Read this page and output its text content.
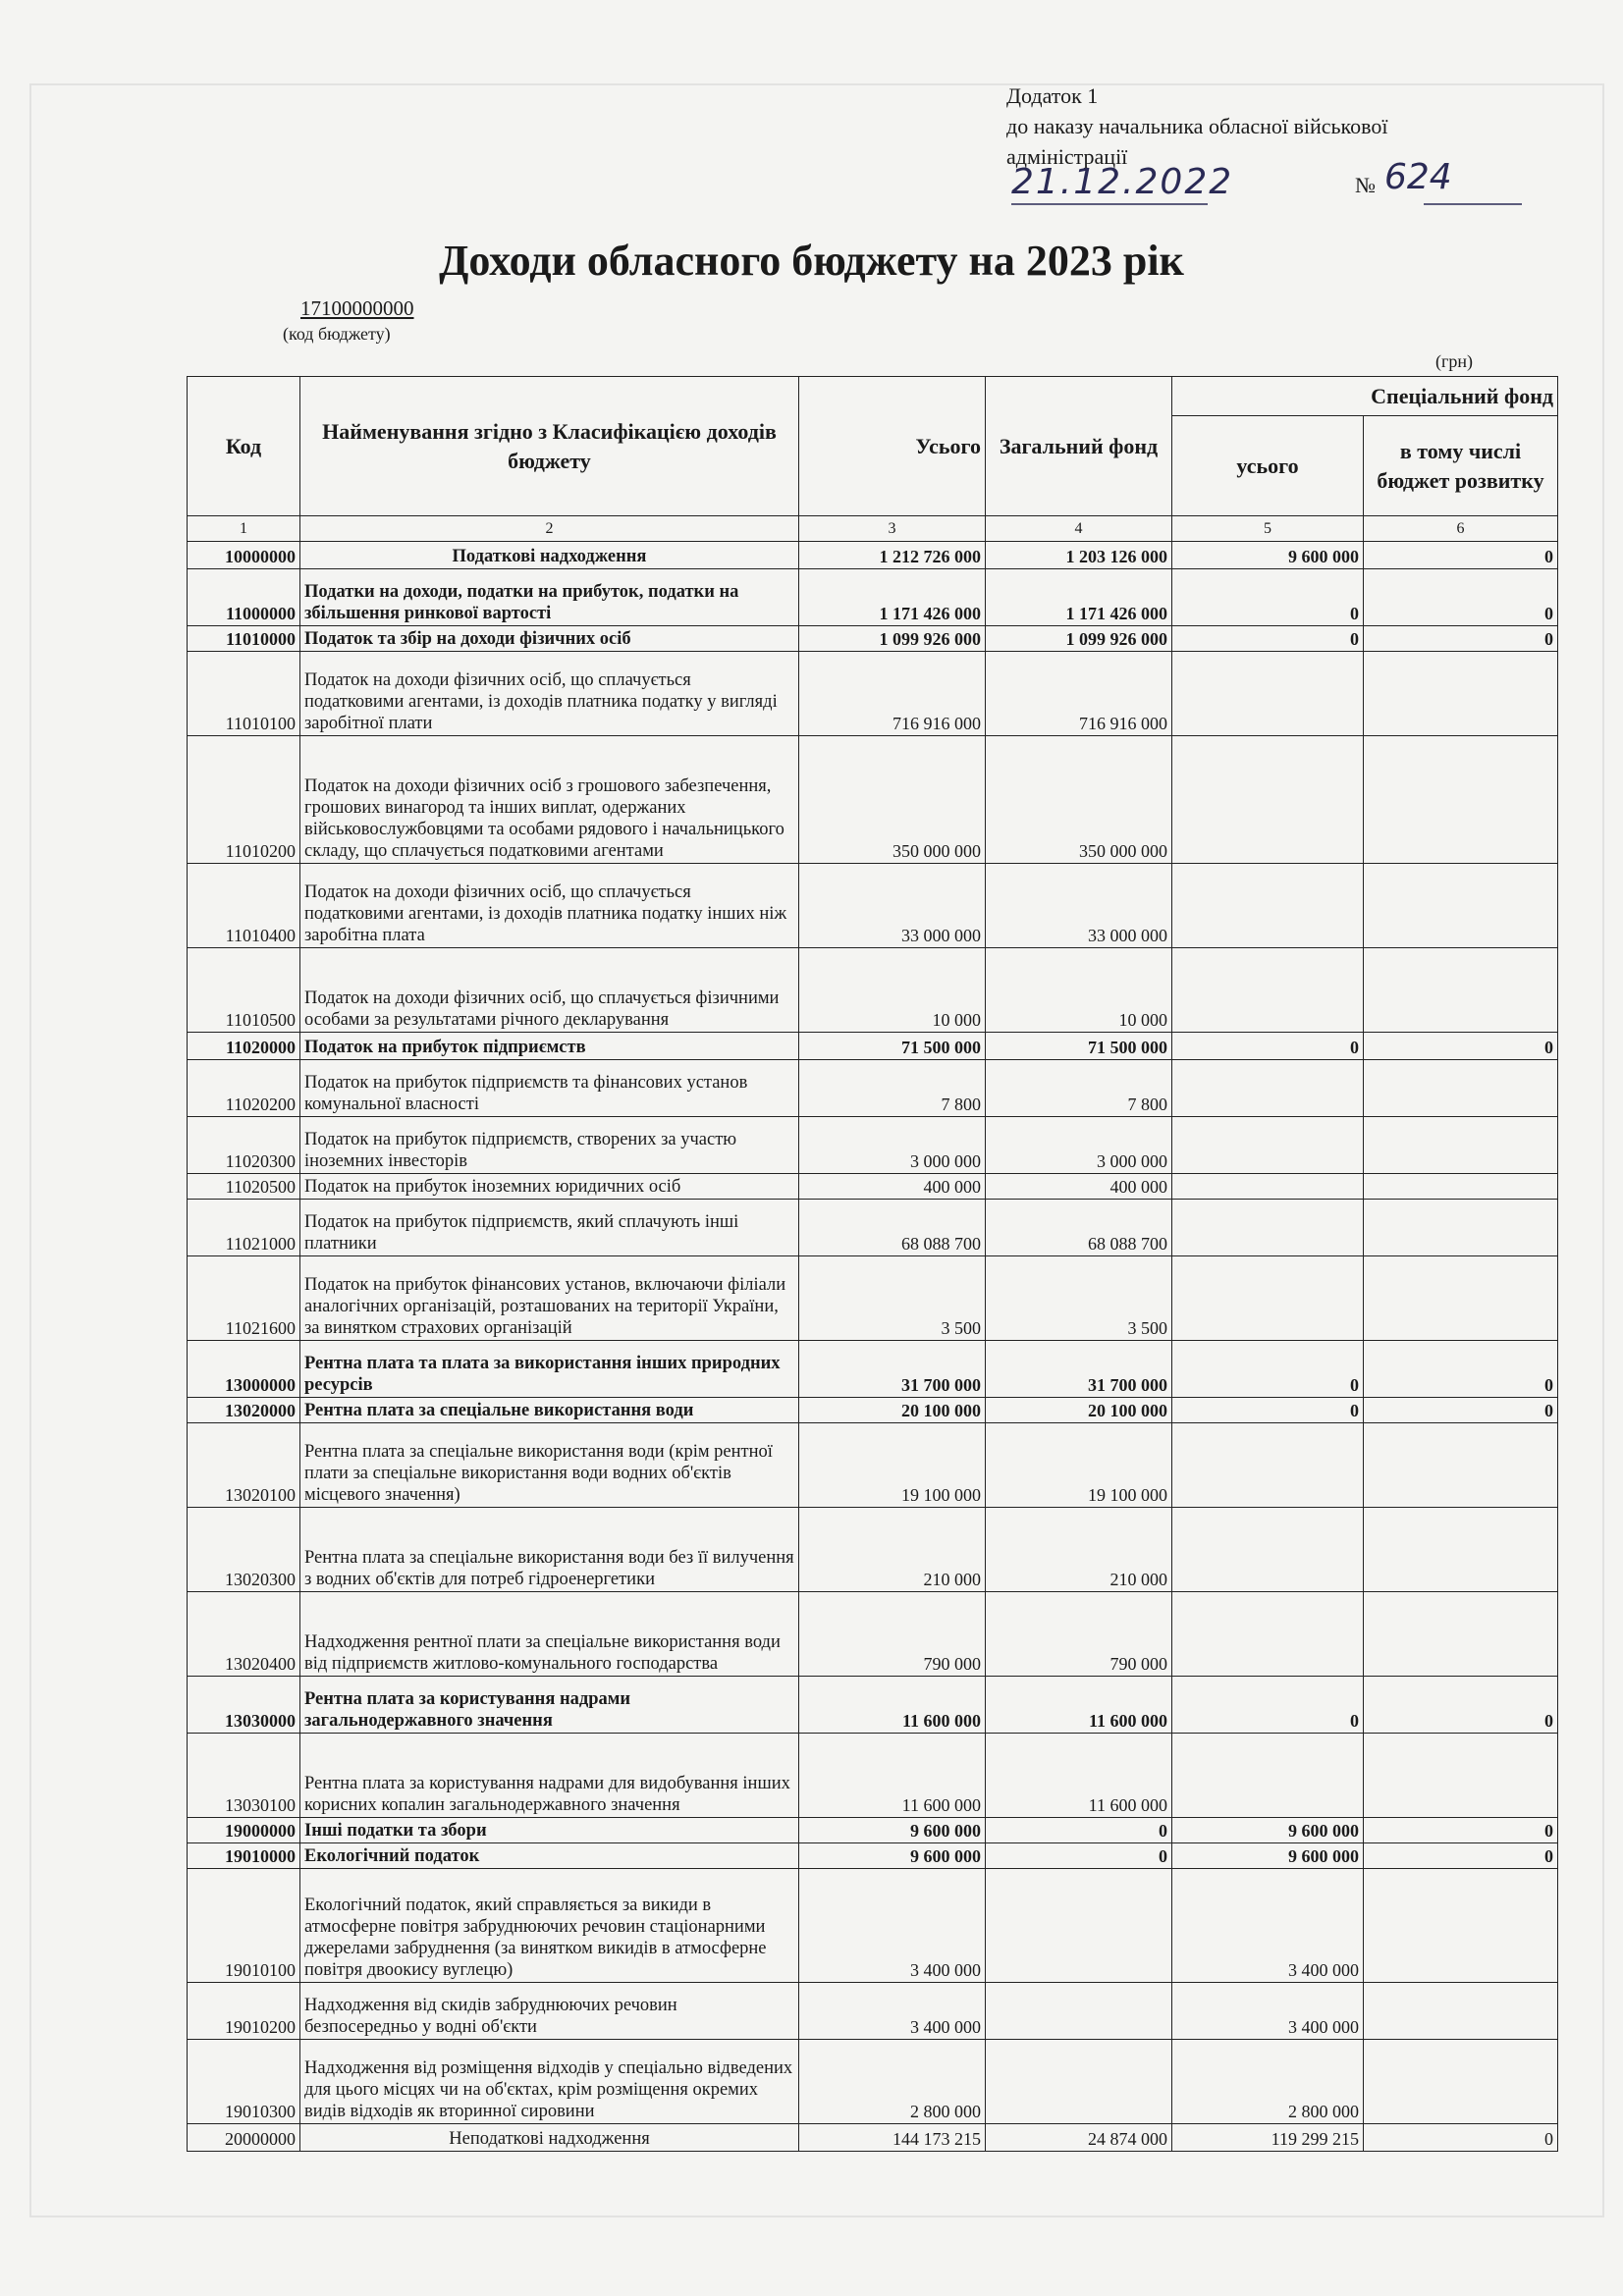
Додаток 1
до наказу начальника обласної військової
адміністрації
21.12.2022	№ 624
Доходи обласного бюджету на 2023 рік
17100000000
(код бюджету)
(грн)
Код	Найменування згідно з Класифікацією доходів бюджету	Усього	Загальний фонд	Спеціальний фонд	
				усього	в тому числі бюджет розвитку
1	2	3	4	5	6
10000000	Податкові надходження	1 212 726 000	1 203 126 000	9 600 000	0
11000000	Податки на доходи, податки на прибуток, податки на збільшення ринкової вартості	1 171 426 000	1 171 426 000	0	0
11010000	Податок та збір на доходи фізичних осіб	1 099 926 000	1 099 926 000	0	0
11010100	Податок на доходи фізичних осіб, що сплачується податковими агентами, із доходів платника податку у вигляді заробітної плати	716 916 000	716 916 000		
11010200	Податок на доходи фізичних осіб з грошового забезпечення, грошових винагород та інших виплат, одержаних військовослужбовцями та особами рядового і начальницького складу, що сплачується податковими агентами	350 000 000	350 000 000		
11010400	Податок на доходи фізичних осіб, що сплачується податковими агентами, із доходів платника податку інших ніж заробітна плата	33 000 000	33 000 000		
11010500	Податок на доходи фізичних осіб, що сплачується фізичними особами за результатами річного декларування	10 000	10 000		
11020000	Податок на прибуток підприємств	71 500 000	71 500 000	0	0
11020200	Податок на прибуток підприємств та фінансових установ комунальної власності	7 800	7 800		
11020300	Податок на прибуток підприємств, створених за участю іноземних інвесторів	3 000 000	3 000 000		
11020500	Податок на прибуток іноземних юридичних осіб	400 000	400 000		
11021000	Податок на прибуток підприємств, який сплачують інші платники	68 088 700	68 088 700		
11021600	Податок на прибуток фінансових установ, включаючи філіали аналогічних організацій, розташованих на території України, за винятком страхових організацій	3 500	3 500		
13000000	Рентна плата та плата за використання інших природних ресурсів	31 700 000	31 700 000	0	0
13020000	Рентна плата за спеціальне використання води	20 100 000	20 100 000	0	0
13020100	Рентна плата за спеціальне використання води (крім рентної плати за спеціальне використання води водних об'єктів місцевого значення)	19 100 000	19 100 000		
13020300	Рентна плата за спеціальне використання води без її вилучення з водних об'єктів для потреб гідроенергетики	210 000	210 000		
13020400	Надходження рентної плати за спеціальне використання води від підприємств житлово-комунального господарства	790 000	790 000		
13030000	Рентна плата за користування надрами загальнодержавного значення	11 600 000	11 600 000	0	0
13030100	Рентна плата за користування надрами для видобування інших корисних копалин загальнодержавного значення	11 600 000	11 600 000		
19000000	Інші податки та збори	9 600 000	0	9 600 000	0
19010000	Екологічний податок	9 600 000	0	9 600 000	0
19010100	Екологічний податок, який справляється за викиди в атмосферне повітря забруднюючих речовин стаціонарними джерелами забруднення (за винятком викидів в атмосферне повітря двоокису вуглецю)	3 400 000		3 400 000	
19010200	Надходження від скидів забруднюючих речовин безпосередньо у водні об'єкти	3 400 000		3 400 000	
19010300	Надходження від розміщення відходів у спеціально відведених для цього місцях чи на об'єктах, крім розміщення окремих видів відходів як вторинної сировини	2 800 000		2 800 000	
20000000	Неподаткові надходження	144 173 215	24 874 000	119 299 215	0
